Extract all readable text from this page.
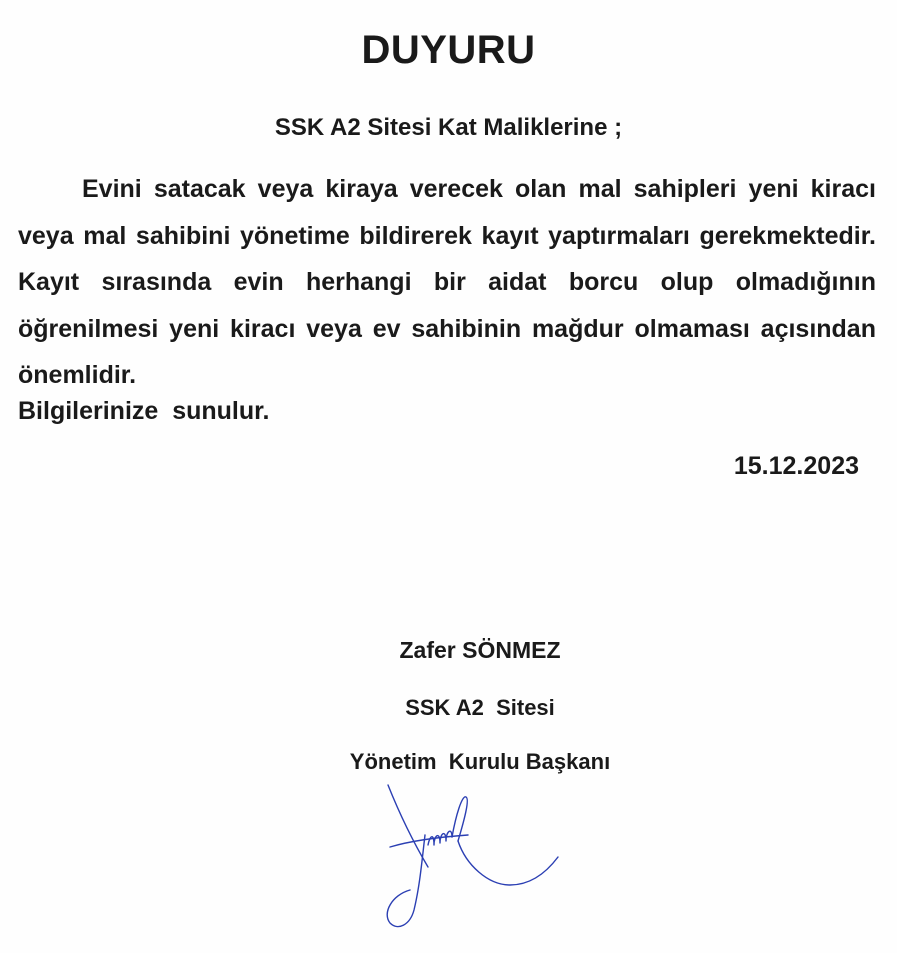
DUYURU

SSK A2 Sitesi Kat Maliklerine ;

Evini satacak veya kiraya verecek olan mal sahipleri yeni kiracı veya mal sahibini yönetime bildirerek kayıt yaptırmaları gerekmektedir. Kayıt sırasında evin herhangi bir aidat borcu olup olmadığının öğrenilmesi yeni kiracı veya ev sahibinin mağdur olmaması açısından önemlidir.

Bilgilerinize  sunulur.

15.12.2023

Zafer SÖNMEZ

SSK A2  Sitesi

Yönetim  Kurulu Başkanı
